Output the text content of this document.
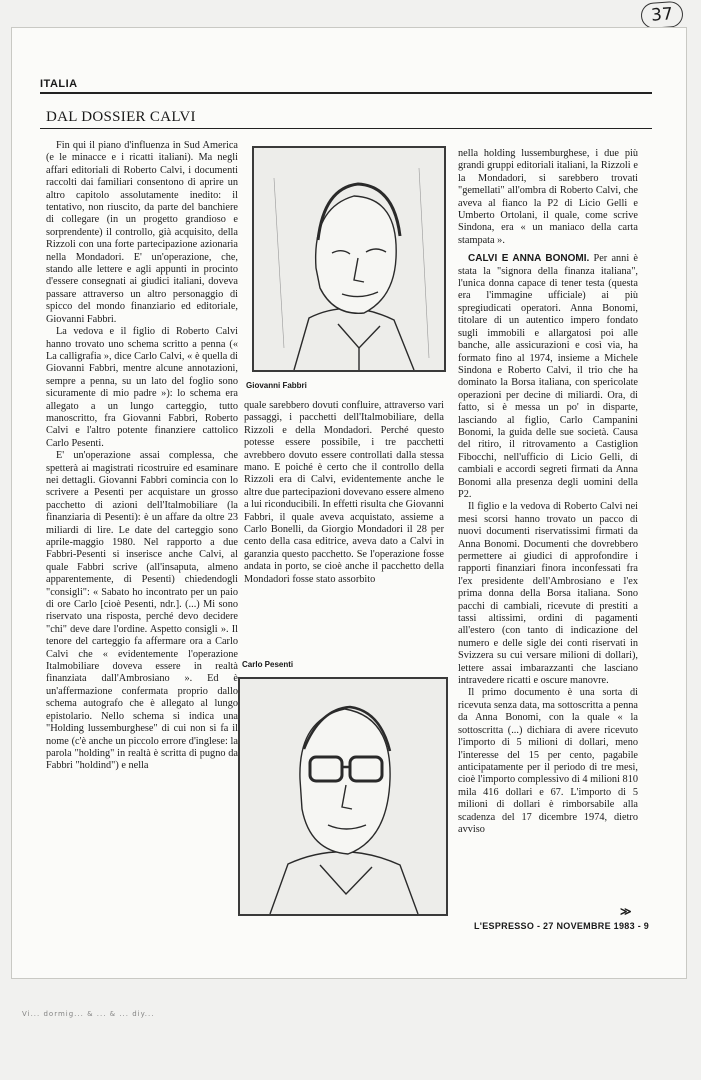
37
ITALIA
DAL DOSSIER CALVI

Fin qui il piano d'influenza in Sud America (e le minacce e i ricatti italiani). Ma negli affari editoriali di Roberto Calvi, i documenti raccolti dai familiari consentono di aprire un altro capitolo assolutamente inedito: il tentativo, non riuscito, da parte del banchiere di collegare (in un progetto grandioso e sorprendente) il controllo, già acquisito, della Rizzoli con una forte partecipazione azionaria nella Mondadori. E' un'operazione, che, stando alle lettere e agli appunti in procinto d'essere consegnati ai giudici italiani, doveva passare attraverso un altro personaggio di spicco del mondo finanziario ed editoriale, Giovanni Fabbri.

La vedova e il figlio di Roberto Calvi hanno trovato uno schema scritto a penna (« La calligrafia », dice Carlo Calvi, « è quella di Giovanni Fabbri, mentre alcune annotazioni, sempre a penna, su un lato del foglio sono sicuramente di mio padre »): lo schema era allegato a un lungo carteggio, tutto manoscritto, fra Giovanni Fabbri, Roberto Calvi e l'altro potente finanziere cattolico Carlo Pesenti.

E' un'operazione assai complessa, che spetterà ai magistrati ricostruire ed esaminare nei dettagli. Giovanni Fabbri comincia con lo scrivere a Pesenti per acquistare un grosso pacchetto di azioni dell'Italmobiliare (la finanziaria di Pesenti): è un affare da oltre 23 miliardi di lire. Le date del carteggio sono aprile-maggio 1980. Nel rapporto a due Fabbri-Pesenti si inserisce anche Calvi, al quale Fabbri scrive (all'insaputa, almeno apparentemente, di Pesenti) chiedendogli "consigli": « Sabato ho incontrato per un paio di ore Carlo [cioè Pesenti, ndr.]. (...) Mi sono riservato una risposta, perché devo decidere "chi" deve dare l'ordine. Aspetto consigli ». Il tenore del carteggio fa affermare ora a Carlo Calvi che « evidentemente l'operazione Italmobiliare doveva essere in realtà finanziata dall'Ambrosiano ». Ed è un'affermazione confermata proprio dallo schema autografo che è allegato al lungo epistolario. Nello schema si indica una "Holding lussemburghese" di cui non si fa il nome (c'è anche un piccolo errore d'inglese: la parola "holding" in realtà è scritta di pugno da Fabbri "holdind") e nella

Giovanni Fabbri

quale sarebbero dovuti confluire, attraverso vari passaggi, i pacchetti dell'Italmobiliare, della Rizzoli e della Mondadori. Perché questo potesse essere possibile, i tre pacchetti avrebbero dovuto essere controllati dalla stessa mano. E poiché è certo che il controllo della Rizzoli era di Calvi, evidentemente anche le altre due partecipazioni dovevano essere almeno a lui riconducibili. In effetti risulta che Giovanni Fabbri, il quale aveva acquistato, assieme a Carlo Bonelli, da Giorgio Mondadori il 28 per cento della casa editrice, aveva dato a Calvi in garanzia questo pacchetto. Se l'operazione fosse andata in porto, se cioè anche il pacchetto della Mondadori fosse stato assorbito

Carlo Pesenti

nella holding lussemburghese, i due più grandi gruppi editoriali italiani, la Rizzoli e la Mondadori, si sarebbero trovati "gemellati" all'ombra di Roberto Calvi, che aveva al fianco la P2 di Licio Gelli e Umberto Ortolani, il quale, come scrive Sindona, era « un maniaco della carta stampata ».

CALVI E ANNA BONOMI. Per anni è stata la "signora della finanza italiana", l'unica donna capace di tener testa (questa era l'immagine ufficiale) ai più spregiudicati operatori. Anna Bonomi, titolare di un autentico impero fondato sugli immobili e allargatosi poi alle banche, alle assicurazioni e così via, ha formato fino al 1974, insieme a Michele Sindona e Roberto Calvi, il trio che ha dominato la Borsa italiana, con spericolate operazioni per decine di miliardi. Ora, di fatto, si è messa un po' in disparte, lasciando al figlio, Carlo Campanini Bonomi, la guida delle sue società. Causa del ritiro, il ritrovamento a Castiglion Fibocchi, nell'ufficio di Licio Gelli, di cambiali e accordi segreti firmati da Anna Bonomi alla presenza degli uomini della P2.

Il figlio e la vedova di Roberto Calvi nei mesi scorsi hanno trovato un pacco di nuovi documenti riservatissimi firmati da Anna Bonomi. Documenti che dovrebbero permettere ai giudici di approfondire i rapporti finanziari finora inconfessati fra l'ex presidente dell'Ambrosiano e l'ex prima donna della Borsa italiana. Sono pacchi di cambiali, ricevute di prestiti a tassi altissimi, ordini di pagamenti all'estero (con tanto di indicazione del numero e delle sigle dei conti riservati in Svizzera su cui versare milioni di dollari), lettere assai imbarazzanti che lasciano intravedere ricatti e oscure manovre.

Il primo documento è una sorta di ricevuta senza data, ma sottoscritta a penna da Anna Bonomi, con la quale « la sottoscritta (...) dichiara di avere ricevuto l'importo di 5 milioni di dollari, meno l'interesse del 15 per cento, pagabile anticipatamente per il periodo di tre mesi, cioè l'importo complessivo di 4 milioni 810 mila 416 dollari e 67. L'importo di 5 milioni di dollari è rimborsabile alla scadenza del 17 dicembre 1974, dietro avviso

≫
L'ESPRESSO - 27 NOVEMBRE 1983 - 9
Vi... dormig... & ... & ... diy...
